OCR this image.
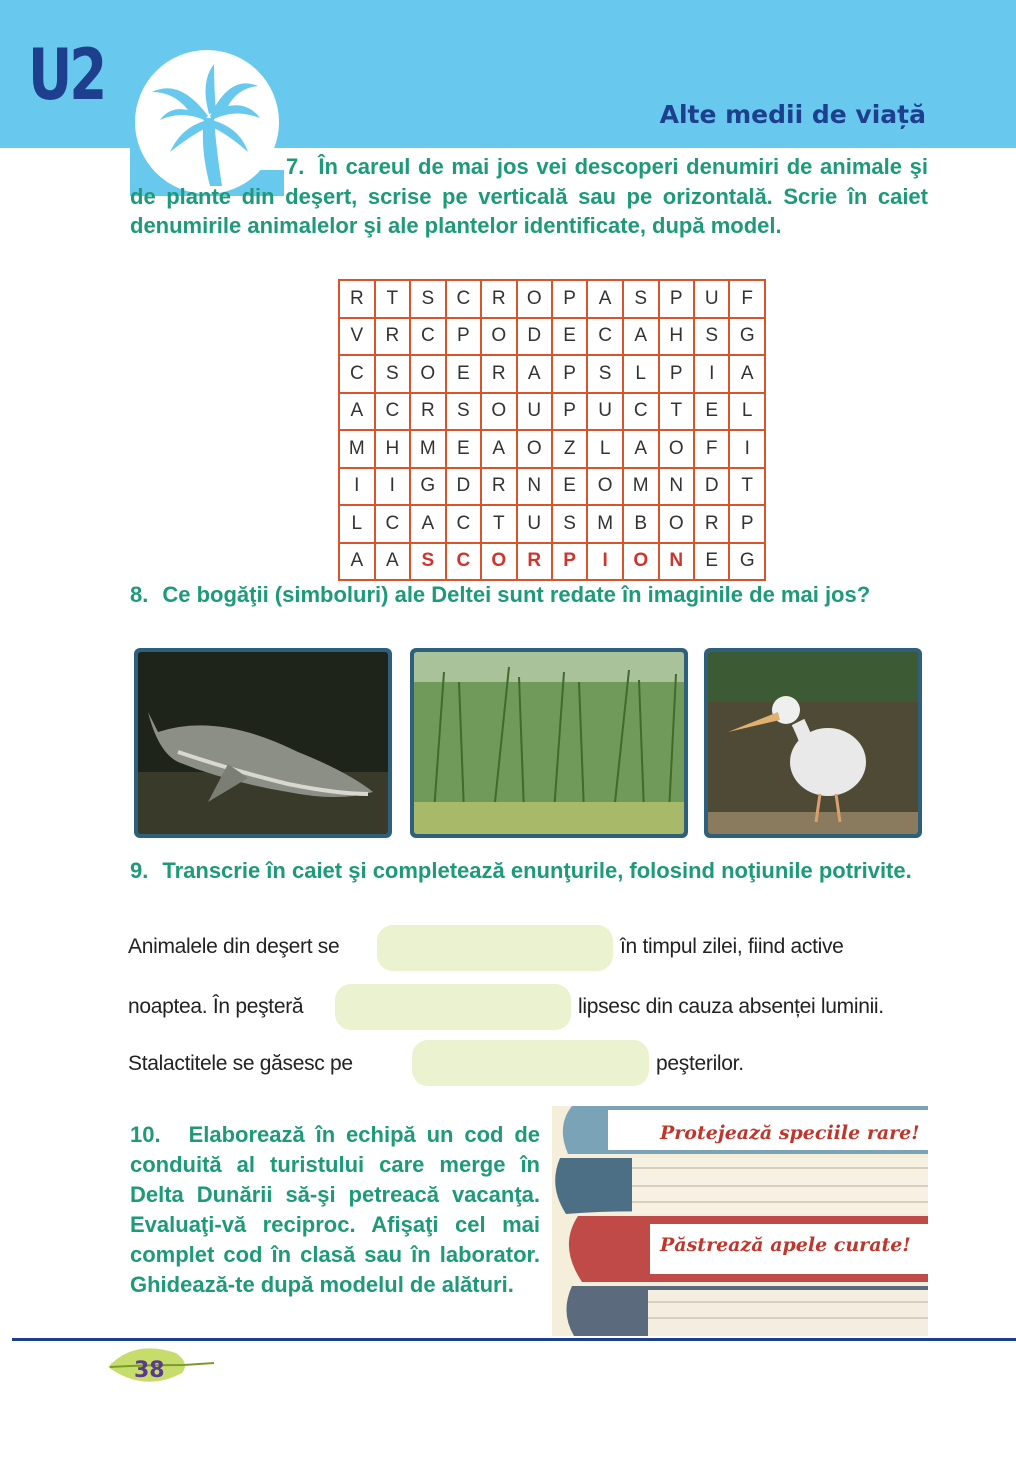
U2	Alte medii de viață
7. În careul de mai jos vei descoperi denumiri de animale şi de plante din deşert, scrise pe verticală sau pe orizontală. Scrie în caiet denumirile animalelor şi ale plantelor identificate, după model.
R	T	S	C	R	O	P	A	S	P	U	F
V	R	C	P	O	D	E	C	A	H	S	G
C	S	O	E	R	A	P	S	L	P	I	A
A	C	R	S	O	U	P	U	C	T	E	L
M	H	M	E	A	O	Z	L	A	O	F	I
I	I	G	D	R	N	E	O	M	N	D	T
L	C	A	C	T	U	S	M	B	O	R	P
A	A	S	C	O	R	P	I	O	N	E	G
8. Ce bogăţii (simboluri) ale Deltei sunt redate în imaginile de mai jos?
9. Transcrie în caiet şi completează enunţurile, folosind noţiunile potrivite.
Animalele din deşert se	în timpul zilei, fiind active
noaptea. În peşteră	lipsesc din cauza absenței luminii.
Stalactitele se găsesc pe	peşterilor.
10. Elaborează în echipă un cod de conduită al turistului care merge în Delta Dunării să-şi petreacă vacanţa. Evaluaţi-vă reciproc. Afişaţi cel mai complet cod în clasă sau în laborator. Ghidează-te după modelul de alături.
Protejează speciile rare!
Păstrează apele curate!
38
